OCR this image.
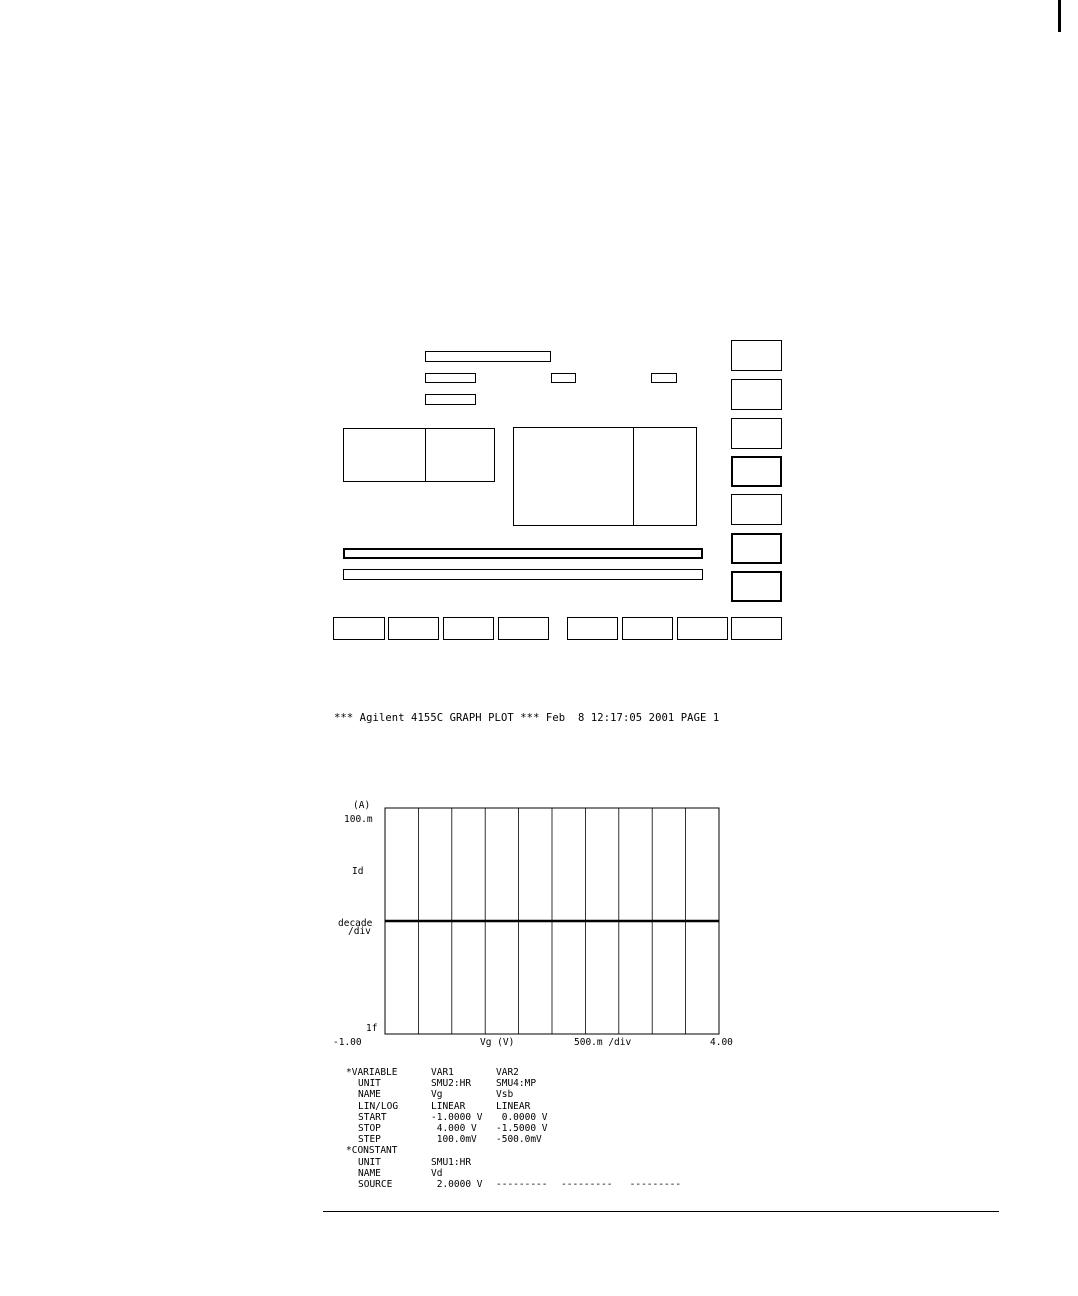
*** Agilent 4155C GRAPH PLOT *** Feb  8 12:17:05 2001 PAGE 1
(A)
100.m
Id
decade
/div
1f
-1.00	Vg (V)	500.m /div	4.00
*VARIABLE	VAR1	VAR2
UNIT	SMU2:HR	SMU4:MP
NAME	Vg	Vsb
LIN/LOG	LINEAR	LINEAR
START	-1.0000 V 0.0000 V
STOP	4.000 V -1.5000 V
STEP	100.0mV -500.0mV
*CONSTANT
UNIT	SMU1:HR
NAME	Vd
SOURCE	2.0000 V --------- ---------   ---------
